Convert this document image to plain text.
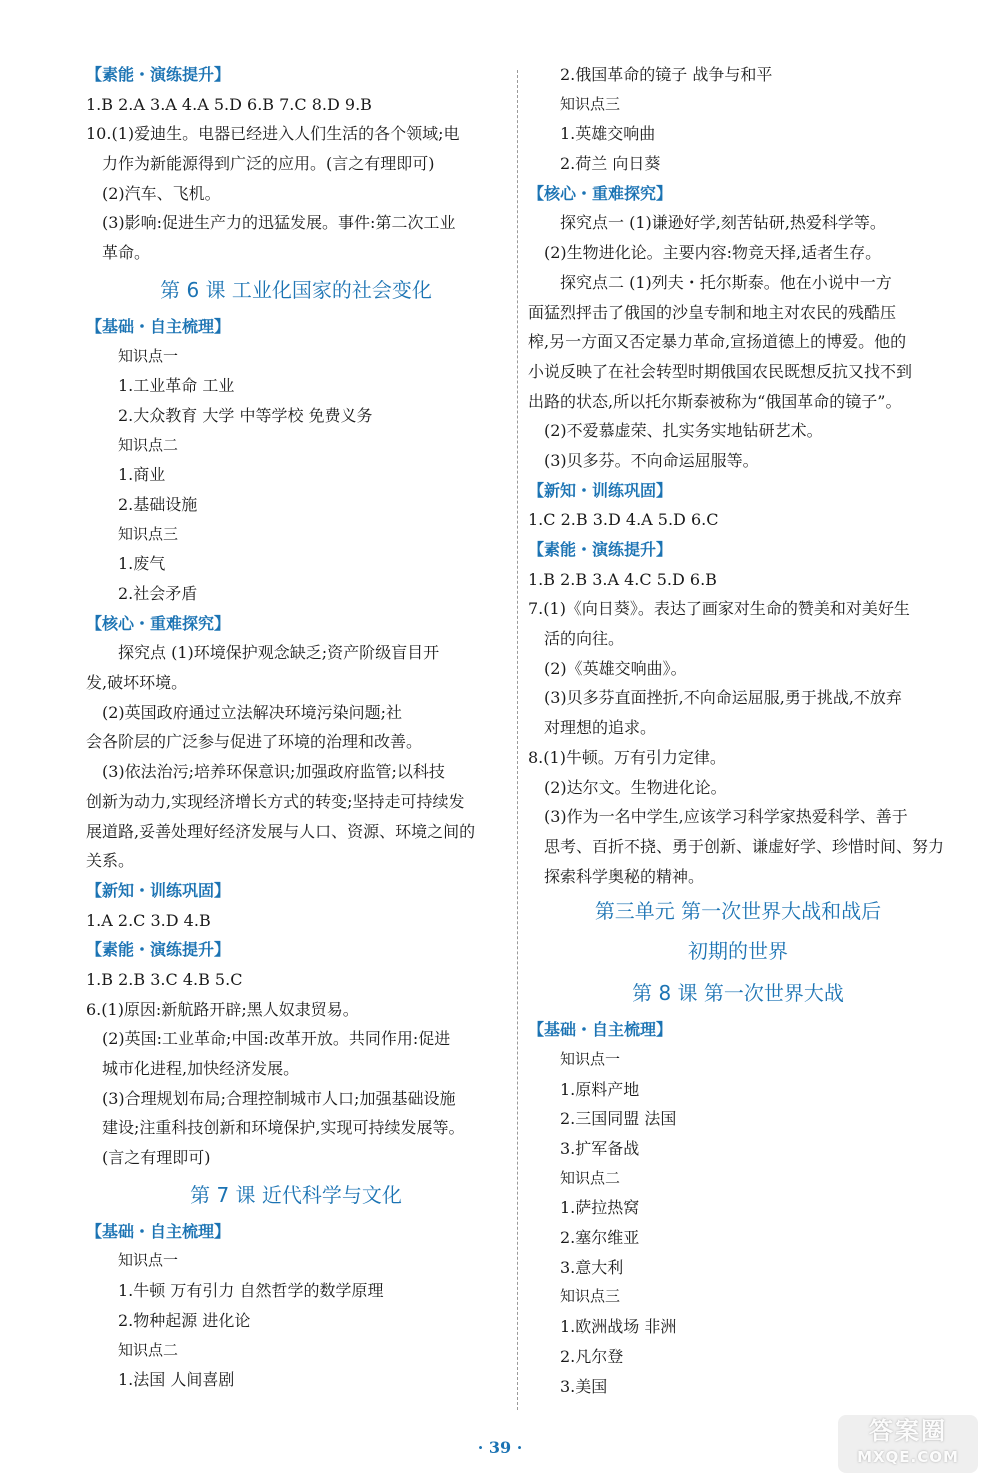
【素能・演练提升】
1.B 2.A 3.A 4.A 5.D 6.B 7.C 8.D 9.B
10.(1)爱迪生。电器已经进入人们生活的各个领域;电
力作为新能源得到广泛的应用。(言之有理即可)
(2)汽车、飞机。
(3)影响:促进生产力的迅猛发展。事件:第二次工业
革命。
第 6 课 工业化国家的社会变化
【基础・自主梳理】
知识点一
1.工业革命 工业
2.大众教育 大学 中等学校 免费义务
知识点二
1.商业
2.基础设施
知识点三
1.废气
2.社会矛盾
【核心・重难探究】
探究点 (1)环境保护观念缺乏;资产阶级盲目开
发,破坏环境。
(2)英国政府通过立法解决环境污染问题;社
会各阶层的广泛参与促进了环境的治理和改善。
(3)依法治污;培养环保意识;加强政府监管;以科技
创新为动力,实现经济增长方式的转变;坚持走可持续发
展道路,妥善处理好经济发展与人口、资源、环境之间的
关系。
【新知・训练巩固】
1.A 2.C 3.D 4.B
【素能・演练提升】
1.B 2.B 3.C 4.B 5.C
6.(1)原因:新航路开辟;黑人奴隶贸易。
(2)英国:工业革命;中国:改革开放。共同作用:促进
城市化进程,加快经济发展。
(3)合理规划布局;合理控制城市人口;加强基础设施
建设;注重科技创新和环境保护,实现可持续发展等。
(言之有理即可)
第 7 课 近代科学与文化
【基础・自主梳理】
知识点一
1.牛顿 万有引力 自然哲学的数学原理
2.物种起源 进化论
知识点二
1.法国 人间喜剧
2.俄国革命的镜子 战争与和平
知识点三
1.英雄交响曲
2.荷兰 向日葵
【核心・重难探究】
探究点一 (1)谦逊好学,刻苦钻研,热爱科学等。
(2)生物进化论。主要内容:物竞天择,适者生存。
探究点二 (1)列夫・托尔斯泰。他在小说中一方
面猛烈抨击了俄国的沙皇专制和地主对农民的残酷压
榨,另一方面又否定暴力革命,宣扬道德上的博爱。他的
小说反映了在社会转型时期俄国农民既想反抗又找不到
出路的状态,所以托尔斯泰被称为“俄国革命的镜子”。
(2)不爱慕虚荣、扎实务实地钻研艺术。
(3)贝多芬。不向命运屈服等。
【新知・训练巩固】
1.C 2.B 3.D 4.A 5.D 6.C
【素能・演练提升】
1.B 2.B 3.A 4.C 5.D 6.B
7.(1)《向日葵》。表达了画家对生命的赞美和对美好生
活的向往。
(2)《英雄交响曲》。
(3)贝多芬直面挫折,不向命运屈服,勇于挑战,不放弃
对理想的追求。
8.(1)牛顿。万有引力定律。
(2)达尔文。生物进化论。
(3)作为一名中学生,应该学习科学家热爱科学、善于
思考、百折不挠、勇于创新、谦虚好学、珍惜时间、努力
探索科学奥秘的精神。
第三单元 第一次世界大战和战后
初期的世界
第 8 课 第一次世界大战
【基础・自主梳理】
知识点一
1.原料产地
2.三国同盟 法国
3.扩军备战
知识点二
1.萨拉热窝
2.塞尔维亚
3.意大利
知识点三
1.欧洲战场 非洲
2.凡尔登
3.美国
· 39 ·
答案圈
MXQE.COM
